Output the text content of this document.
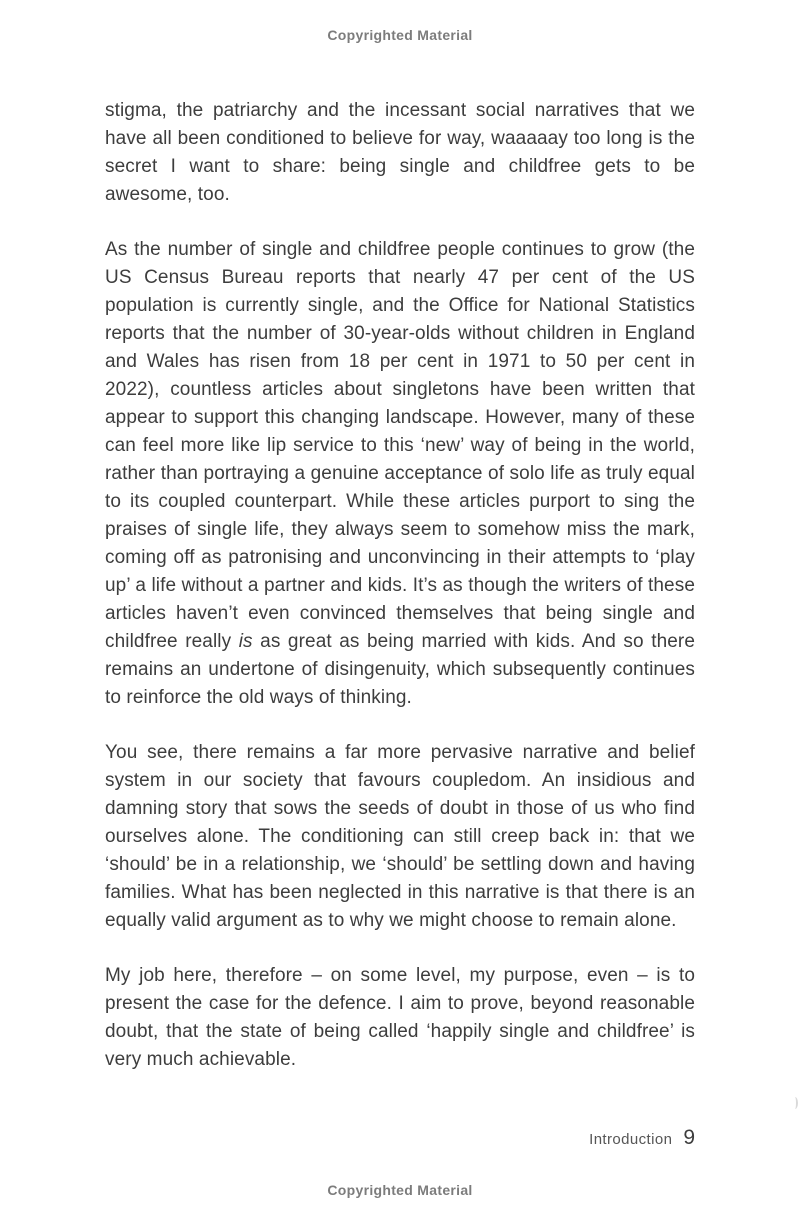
Copyrighted Material

stigma, the patriarchy and the incessant social narratives that we have all been conditioned to believe for way, waaaaay too long is the secret I want to share: being single and childfree gets to be awesome, too.

As the number of single and childfree people continues to grow (the US Census Bureau reports that nearly 47 per cent of the US population is currently single, and the Office for National Statistics reports that the number of 30-year-olds without children in England and Wales has risen from 18 per cent in 1971 to 50 per cent in 2022), countless articles about singletons have been written that appear to support this changing landscape. However, many of these can feel more like lip service to this ‘new’ way of being in the world, rather than portraying a genuine acceptance of solo life as truly equal to its coupled counterpart. While these articles purport to sing the praises of single life, they always seem to somehow miss the mark, coming off as patronising and unconvincing in their attempts to ‘play up’ a life without a partner and kids. It’s as though the writers of these articles haven’t even convinced themselves that being single and childfree really is as great as being married with kids. And so there remains an undertone of disingenuity, which subsequently continues to reinforce the old ways of thinking.

You see, there remains a far more pervasive narrative and belief system in our society that favours coupledom. An insidious and damning story that sows the seeds of doubt in those of us who find ourselves alone. The conditioning can still creep back in: that we ‘should’ be in a relationship, we ‘should’ be settling down and having families. What has been neglected in this narrative is that there is an equally valid argument as to why we might choose to remain alone.

My job here, therefore – on some level, my purpose, even – is to present the case for the defence. I aim to prove, beyond reasonable doubt, that the state of being called ‘happily single and childfree’ is very much achievable.

Introduction 9
Copyrighted Material
